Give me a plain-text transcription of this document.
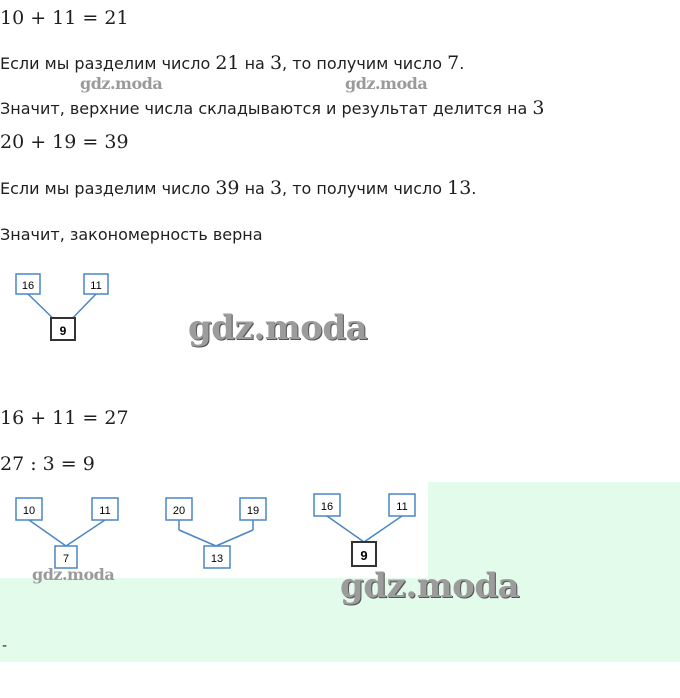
10 + 11 = 21
Если мы разделим число 21 на 3, то получим число 7.
gdz.moda	gdz.moda
Значит, верхние числа складываются и результат делится на 3
20 + 19 = 39
Если мы разделим число 39 на 3, то получим число 13.
Значит, закономерность верна
16	11
9	gdz.moda
16 + 11 = 27
27 : 3 = 9
10	11
7
20	19
13
16	11
9
gdz.moda	gdz.moda
-
